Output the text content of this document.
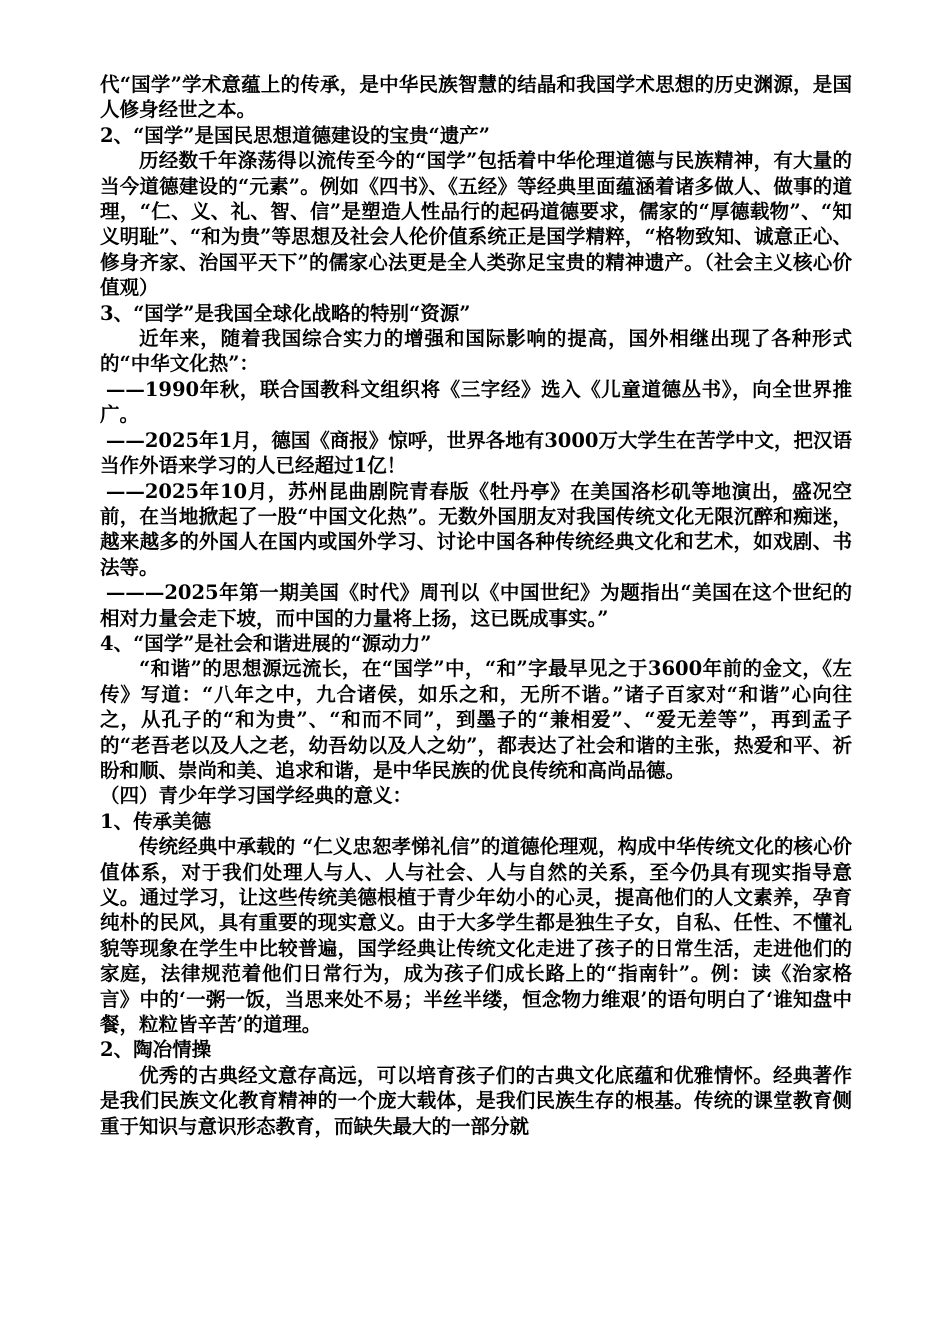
代“国学”学术意蕴上的传承，是中华民族智慧的结晶和我国学术思想的历史渊源，是国人修身经世之本。

2、“国学”是国民思想道德建设的宝贵“遗产”

历经数千年涤荡得以流传至今的“国学”包括着中华伦理道德与民族精神，有大量的当今道德建设的“元素”。例如《四书》、《五经》等经典里面蕴涵着诸多做人、做事的道理，“仁、义、礼、智、信”是塑造人性品行的起码道德要求，儒家的“厚德载物”、“知义明耻”、“和为贵”等思想及社会人伦价值系统正是国学精粹，“格物致知、诚意正心、修身齐家、治国平天下”的儒家心法更是全人类弥足宝贵的精神遗产。（社会主义核心价值观）

3、“国学”是我国全球化战略的特别“资源”

近年来，随着我国综合实力的增强和国际影响的提高，国外相继出现了各种形式的“中华文化热”：

——1990年秋，联合国教科文组织将《三字经》选入《儿童道德丛书》，向全世界推广。

——2025年1月，德国《商报》惊呼，世界各地有3000万大学生在苦学中文，把汉语当作外语来学习的人已经超过1亿！

——2025年10月，苏州昆曲剧院青春版《牡丹亭》在美国洛杉矶等地演出，盛况空前，在当地掀起了一股“中国文化热”。无数外国朋友对我国传统文化无限沉醉和痴迷，越来越多的外国人在国内或国外学习、讨论中国各种传统经典文化和艺术，如戏剧、书法等。

———2025年第一期美国《时代》周刊以《中国世纪》为题指出“美国在这个世纪的相对力量会走下坡，而中国的力量将上扬，这已既成事实。”

4、“国学”是社会和谐进展的“源动力”

“和谐”的思想源远流长，在“国学”中，“和”字最早见之于3600年前的金文，《左传》写道：“八年之中，九合诸侯，如乐之和，无所不谐。”诸子百家对“和谐”心向往之，从孔子的“和为贵”、“和而不同”，到墨子的“兼相爱”、“爱无差等”，再到孟子的“老吾老以及人之老，幼吾幼以及人之幼”，都表达了社会和谐的主张，热爱和平、祈盼和顺、崇尚和美、追求和谐，是中华民族的优良传统和高尚品德。

（四）青少年学习国学经典的意义：

1、传承美德

传统经典中承载的 “仁义忠恕孝悌礼信”的道德伦理观，构成中华传统文化的核心价值体系，对于我们处理人与人、人与社会、人与自然的关系，至今仍具有现实指导意义。通过学习，让这些传统美德根植于青少年幼小的心灵，提高他们的人文素养，孕育纯朴的民风，具有重要的现实意义。由于大多学生都是独生子女，自私、任性、不懂礼貌等现象在学生中比较普遍，国学经典让传统文化走进了孩子的日常生活，走进他们的家庭，法律规范着他们日常行为，成为孩子们成长路上的“指南针”。例：读《治家格言》中的‘一粥一饭，当思来处不易；半丝半缕，恒念物力维艰’的语句明白了‘谁知盘中餐，粒粒皆辛苦’的道理。

2、陶冶情操

优秀的古典经文意存高远，可以培育孩子们的古典文化底蕴和优雅情怀。经典著作是我们民族文化教育精神的一个庞大载体，是我们民族生存的根基。传统的课堂教育侧重于知识与意识形态教育，而缺失最大的一部分就
